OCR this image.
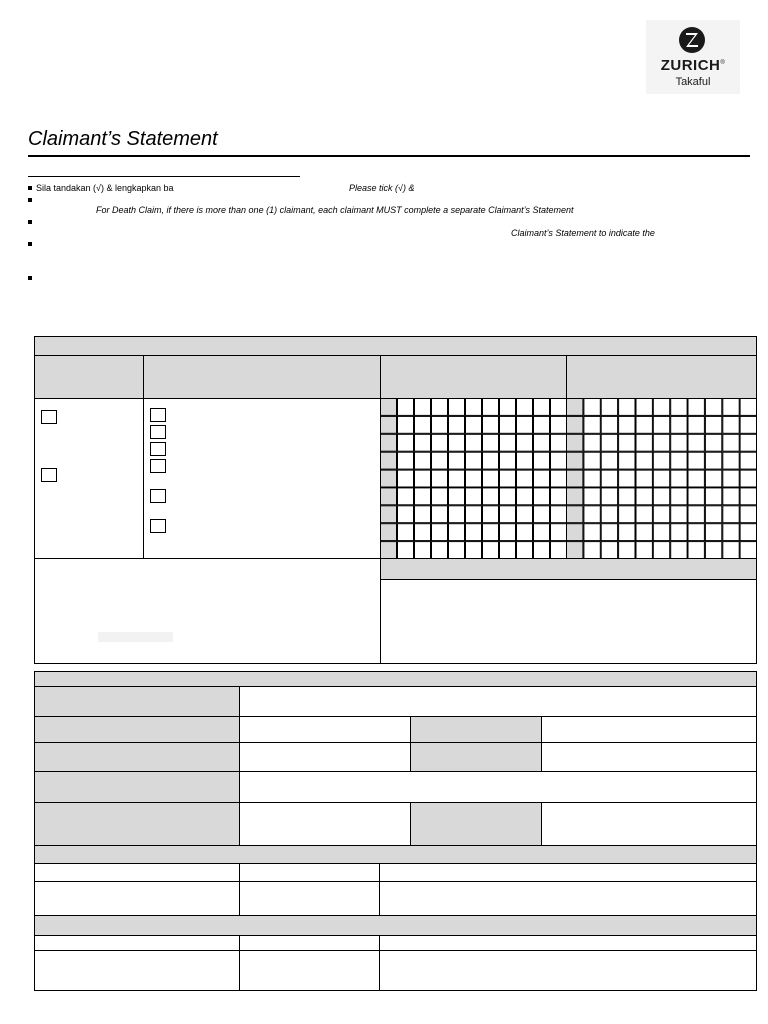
ZURICH®
Takaful
Claimant’s Statement
Sila tandakan (√) & lengkapkan ba	Please tick (√) &
For Death Claim, if there is more than one (1) claimant, each claimant MUST complete a separate Claimant’s Statement
Claimant’s Statement to indicate the
